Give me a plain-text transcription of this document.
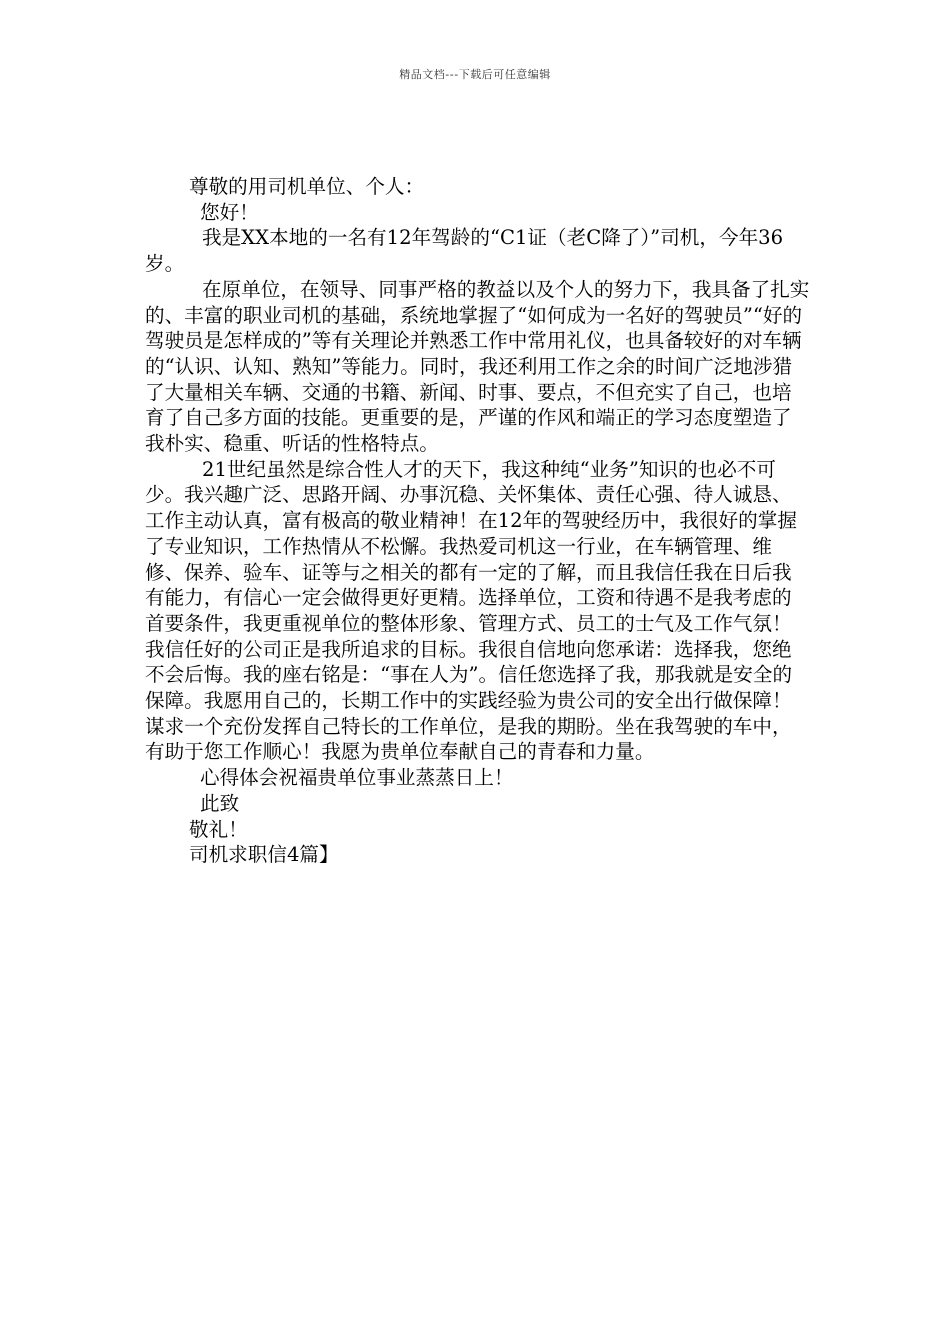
精品文档---下载后可任意编辑

尊敬的用司机单位、个人：

您好！

我是XX本地的一名有12年驾龄的“C1证（老C降了）”司机，今年36岁。

在原单位，在领导、同事严格的教益以及个人的努力下，我具备了扎实的、丰富的职业司机的基础，系统地掌握了“如何成为一名好的驾驶员”“好的驾驶员是怎样成的”等有关理论并熟悉工作中常用礼仪，也具备较好的对车辆的“认识、认知、熟知”等能力。同时，我还利用工作之余的时间广泛地涉猎了大量相关车辆、交通的书籍、新闻、时事、要点，不但充实了自己，也培育了自己多方面的技能。更重要的是，严谨的作风和端正的学习态度塑造了我朴实、稳重、听话的性格特点。

21世纪虽然是综合性人才的天下，我这种纯“业务”知识的也必不可少。我兴趣广泛、思路开阔、办事沉稳、关怀集体、责任心强、待人诚恳、工作主动认真，富有极高的敬业精神！在12年的驾驶经历中，我很好的掌握了专业知识，工作热情从不松懈。我热爱司机这一行业，在车辆管理、维修、保养、验车、证等与之相关的都有一定的了解，而且我信任我在日后我有能力，有信心一定会做得更好更精。选择单位，工资和待遇不是我考虑的首要条件，我更重视单位的整体形象、管理方式、员工的士气及工作气氛！我信任好的公司正是我所追求的目标。我很自信地向您承诺：选择我，您绝不会后悔。我的座右铭是：“事在人为”。信任您选择了我，那我就是安全的保障。我愿用自己的，长期工作中的实践经验为贵公司的安全出行做保障！谋求一个充份发挥自己特长的工作单位，是我的期盼。坐在我驾驶的车中，有助于您工作顺心！我愿为贵单位奉献自己的青春和力量。

心得体会祝福贵单位事业蒸蒸日上！

此致

敬礼！

司机求职信4篇】
